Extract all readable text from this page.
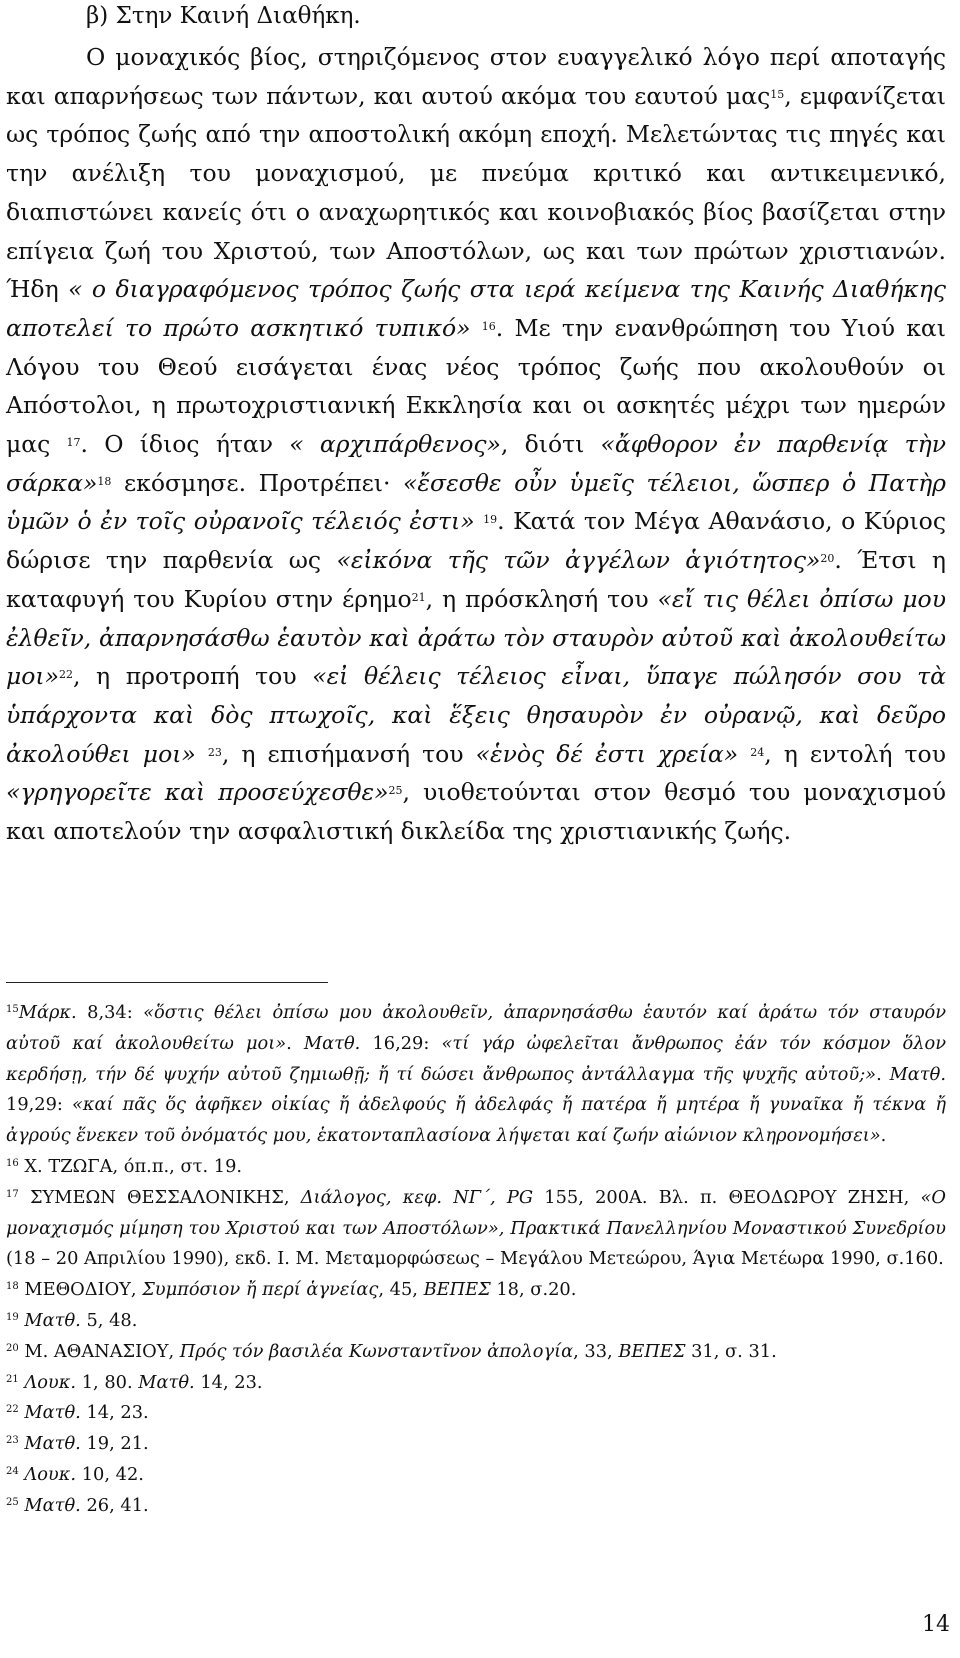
β) Στην Καινή Διαθήκη.

Ο μοναχικός βίος, στηριζόμενος στον ευαγγελικό λόγο περί αποταγής και απαρνήσεως των πάντων, και αυτού ακόμα του εαυτού μας$^{15}$, εμφανίζεται ως τρόπος ζωής από την αποστολική ακόμη εποχή. Μελετώντας τις πηγές και την ανέλιξη του μοναχισμού, με πνεύμα κριτικό και αντικειμενικό, διαπιστώνει κανείς ότι ο αναχωρητικός και κοινοβιακός βίος βασίζεται στην επίγεια ζωή του Χριστού, των Αποστόλων, ως και των πρώτων χριστιανών. Ήδη « ο διαγραφόμενος τρόπος ζωής στα ιερά κείμενα της Καινής Διαθήκης αποτελεί το πρώτο ασκητικό τυπικό» $^{16}$. Με την ενανθρώπηση του Υιού και Λόγου του Θεού εισάγεται ένας νέος τρόπος ζωής που ακολουθούν οι Απόστολοι, η πρωτοχριστιανική Εκκλησία και οι ασκητές μέχρι των ημερών μας $^{17}$. Ο ίδιος ήταν « αρχιπάρθενος», διότι «ἄφθορον ἐν παρθενίᾳ τὴν σάρκα»$^{18}$ εκόσμησε. Προτρέπει· «ἔσεσθε οὖν ὑμεῖς τέλειοι, ὥσπερ ὁ Πατὴρ ὑμῶν ὁ ἐν τοῖς οὐρανοῖς τέλειός ἐστι» $^{19}$. Κατά τον Μέγα Αθανάσιο, ο Κύριος δώρισε την παρθενία ως «εἰκόνα τῆς τῶν ἀγγέλων ἁγιότητος»$^{20}$. Έτσι η καταφυγή του Κυρίου στην έρημο$^{21}$, η πρόσκλησή του «εἴ τις θέλει ὀπίσω μου ἐλθεῖν, ἀπαρνησάσθω ἑαυτὸν καὶ ἀράτω τὸν σταυρὸν αὐτοῦ καὶ ἀκολουθείτω μοι»$^{22}$, η προτροπή του «εἰ θέλεις τέλειος εἶναι, ὕπαγε πώλησόν σου τὰ ὑπάρχοντα καὶ δὸς πτωχοῖς, καὶ ἕξεις θησαυρὸν ἐν οὐρανῷ, καὶ δεῦρο ἀκολούθει μοι» $^{23}$, η επισήμανσή του «ἑνὸς δέ ἐστι χρεία» $^{24}$, η εντολή του «γρηγορεῖτε καὶ προσεύχεσθε»$^{25}$, υιοθετούνται στον θεσμό του μοναχισμού και αποτελούν την ασφαλιστική δικλείδα της χριστιανικής ζωής.

$^{15}$Μάρκ. 8,34: «ὅστις θέλει ὀπίσω μου ἀκολουθεῖν, ἀπαρνησάσθω ἑαυτόν καί ἀράτω τόν σταυρόν αὐτοῦ καί ἀκολουθείτω μοι». Ματθ. 16,29: «τί γάρ ὠφελεῖται ἄνθρωπος ἐάν τόν κόσμον ὅλον κερδήσῃ, τήν δέ ψυχήν αὐτοῦ ζημιωθῇ; ἤ τί δώσει ἄνθρωπος ἀντάλλαγμα τῆς ψυχῆς αὐτοῦ;». Ματθ. 19,29: «καί πᾶς ὅς ἀφῆκεν οἰκίας ἤ ἀδελφούς ἤ ἀδελφάς ἤ πατέρα ἤ μητέρα ἤ γυναῖκα ἤ τέκνα ἤ ἀγρούς ἕνεκεν τοῦ ὀνόματός μου, ἑκατονταπλασίονα λήψεται καί ζωήν αἰώνιον κληρονομήσει».

$^{16}$ Χ. ΤΖΩΓΑ, όπ.π., στ. 19.

$^{17}$ ΣΥΜΕΩΝ ΘΕΣΣΑΛΟΝΙΚΗΣ, Διάλογος, κεφ. ΝΓ΄, PG 155, 200Α. Βλ. π. ΘΕΟΔΩΡΟΥ ΖΗΣΗ, «Ο μοναχισμός μίμηση του Χριστού και των Αποστόλων», Πρακτικά Πανελληνίου Μοναστικού Συνεδρίου (18 – 20 Απριλίου 1990), εκδ. Ι. Μ. Μεταμορφώσεως – Μεγάλου Μετεώρου, Άγια Μετέωρα 1990, σ.160.

$^{18}$ ΜΕΘΟΔΙΟΥ, Συμπόσιον ἤ περί ἁγνείας, 45, ΒΕΠΕΣ 18, σ.20.

$^{19}$ Ματθ. 5, 48.

$^{20}$ Μ. ΑΘΑΝΑΣΙΟΥ, Πρός τόν βασιλέα Κωνσταντῖνον ἀπολογία, 33, ΒΕΠΕΣ 31, σ. 31.

$^{21}$ Λουκ. 1, 80. Ματθ. 14, 23.

$^{22}$ Ματθ. 14, 23.

$^{23}$ Ματθ. 19, 21.

$^{24}$ Λουκ. 10, 42.

$^{25}$ Ματθ. 26, 41.

14
